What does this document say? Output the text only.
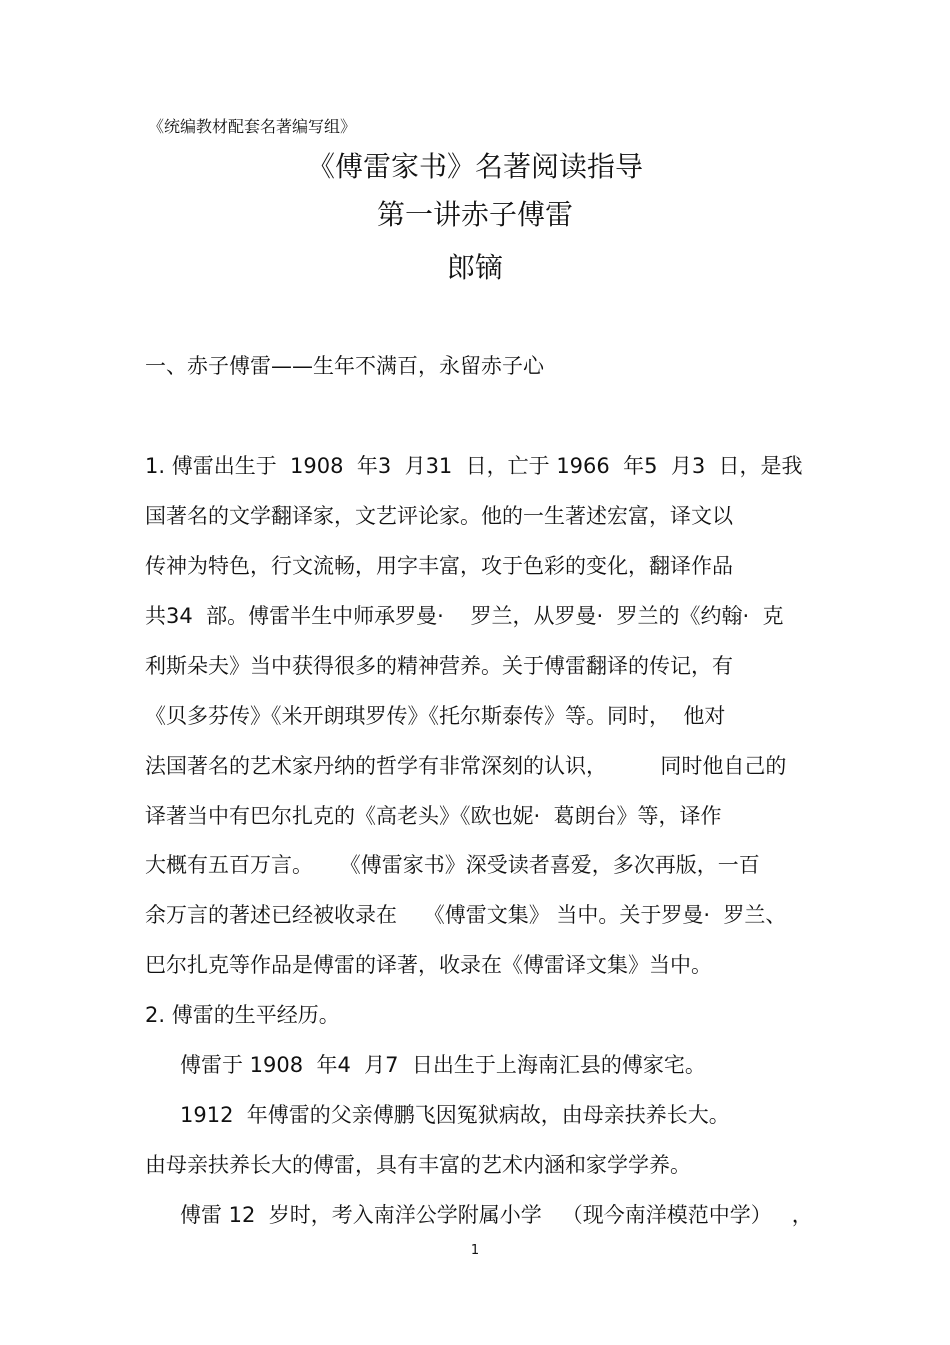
《统编教材配套名著编写组》
《傅雷家书》名著阅读指导
第一讲赤子傅雷
郎镝
一、赤子傅雷——生年不满百，永留赤子心
1. 傅雷出生于  1908  年3  月31  日，亡于 1966  年5  月3  日，是我
国著名的文学翻译家，文艺评论家。他的一生著述宏富，译文以
传神为特色，行文流畅，用字丰富，攻于色彩的变化，翻译作品
共34  部。傅雷半生中师承罗曼·    罗兰，从罗曼·  罗兰的《约翰·  克
利斯朵夫》当中获得很多的精神营养。关于傅雷翻译的传记，有
《贝多芬传》《米开朗琪罗传》《托尔斯泰传》等。同时，  他对
法国著名的艺术家丹纳的哲学有非常深刻的认识，        同时他自己的
译著当中有巴尔扎克的《高老头》《欧也妮·  葛朗台》等，译作
大概有五百万言。    《傅雷家书》深受读者喜爱，多次再版，一百
余万言的著述已经被收录在    《傅雷文集》 当中。关于罗曼·  罗兰、
巴尔扎克等作品是傅雷的译著，收录在《傅雷译文集》当中。
2. 傅雷的生平经历。
傅雷于 1908  年4  月7  日出生于上海南汇县的傅家宅。
1912  年傅雷的父亲傅鹏飞因冤狱病故，由母亲扶养长大。
由母亲扶养长大的傅雷，具有丰富的艺术内涵和家学学养。
傅雷 12  岁时，考入南洋公学附属小学   （现今南洋模范中学）   ，
1
